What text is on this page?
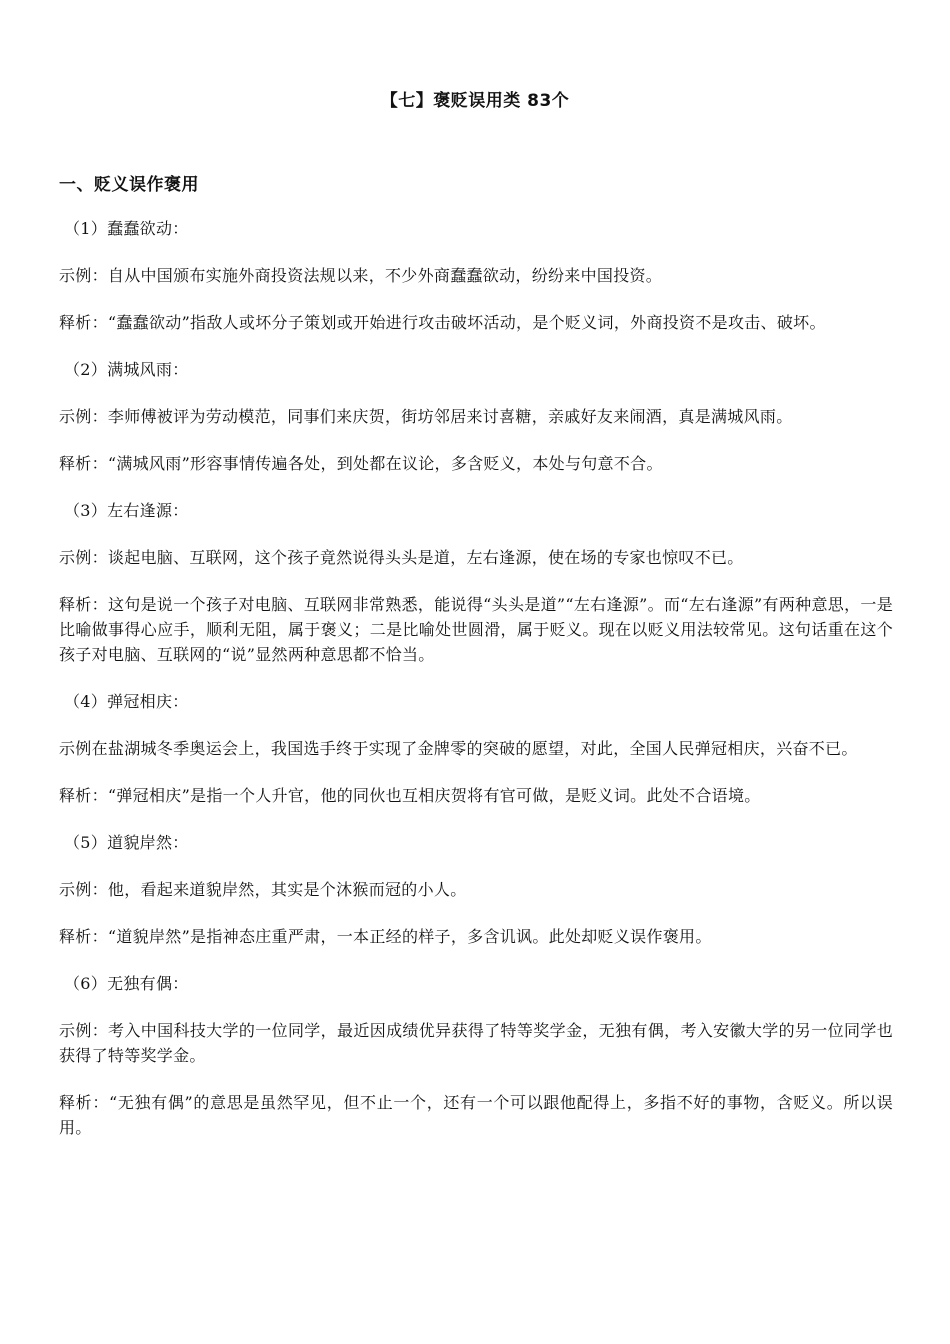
【七】褒贬误用类 83个
一、贬义误作褒用

（1）蠢蠢欲动：

示例：自从中国颁布实施外商投资法规以来，不少外商蠢蠢欲动，纷纷来中国投资。

释析：“蠢蠢欲动”指敌人或坏分子策划或开始进行攻击破坏活动，是个贬义词，外商投资不是攻击、破坏。

（2）满城风雨：

示例：李师傅被评为劳动模范，同事们来庆贺，街坊邻居来讨喜糖，亲戚好友来闹酒，真是满城风雨。

释析：“满城风雨”形容事情传遍各处，到处都在议论，多含贬义，本处与句意不合。

（3）左右逢源：

示例：谈起电脑、互联网，这个孩子竟然说得头头是道，左右逢源，使在场的专家也惊叹不已。

释析：这句是说一个孩子对电脑、互联网非常熟悉，能说得“头头是道”“左右逢源”。而“左右逢源”有两种意思，一是比喻做事得心应手，顺利无阻，属于褒义；二是比喻处世圆滑，属于贬义。现在以贬义用法较常见。这句话重在这个孩子对电脑、互联网的“说”显然两种意思都不恰当。

（4）弹冠相庆：

示例在盐湖城冬季奥运会上，我国选手终于实现了金牌零的突破的愿望，对此，全国人民弹冠相庆，兴奋不已。

释析：“弹冠相庆”是指一个人升官，他的同伙也互相庆贺将有官可做，是贬义词。此处不合语境。

（5）道貌岸然：

示例：他，看起来道貌岸然，其实是个沐猴而冠的小人。

释析：“道貌岸然”是指神态庄重严肃，一本正经的样子，多含讥讽。此处却贬义误作褒用。

（6）无独有偶：

示例：考入中国科技大学的一位同学，最近因成绩优异获得了特等奖学金，无独有偶，考入安徽大学的另一位同学也获得了特等奖学金。

释析：“无独有偶”的意思是虽然罕见，但不止一个，还有一个可以跟他配得上，多指不好的事物，含贬义。所以误用。
